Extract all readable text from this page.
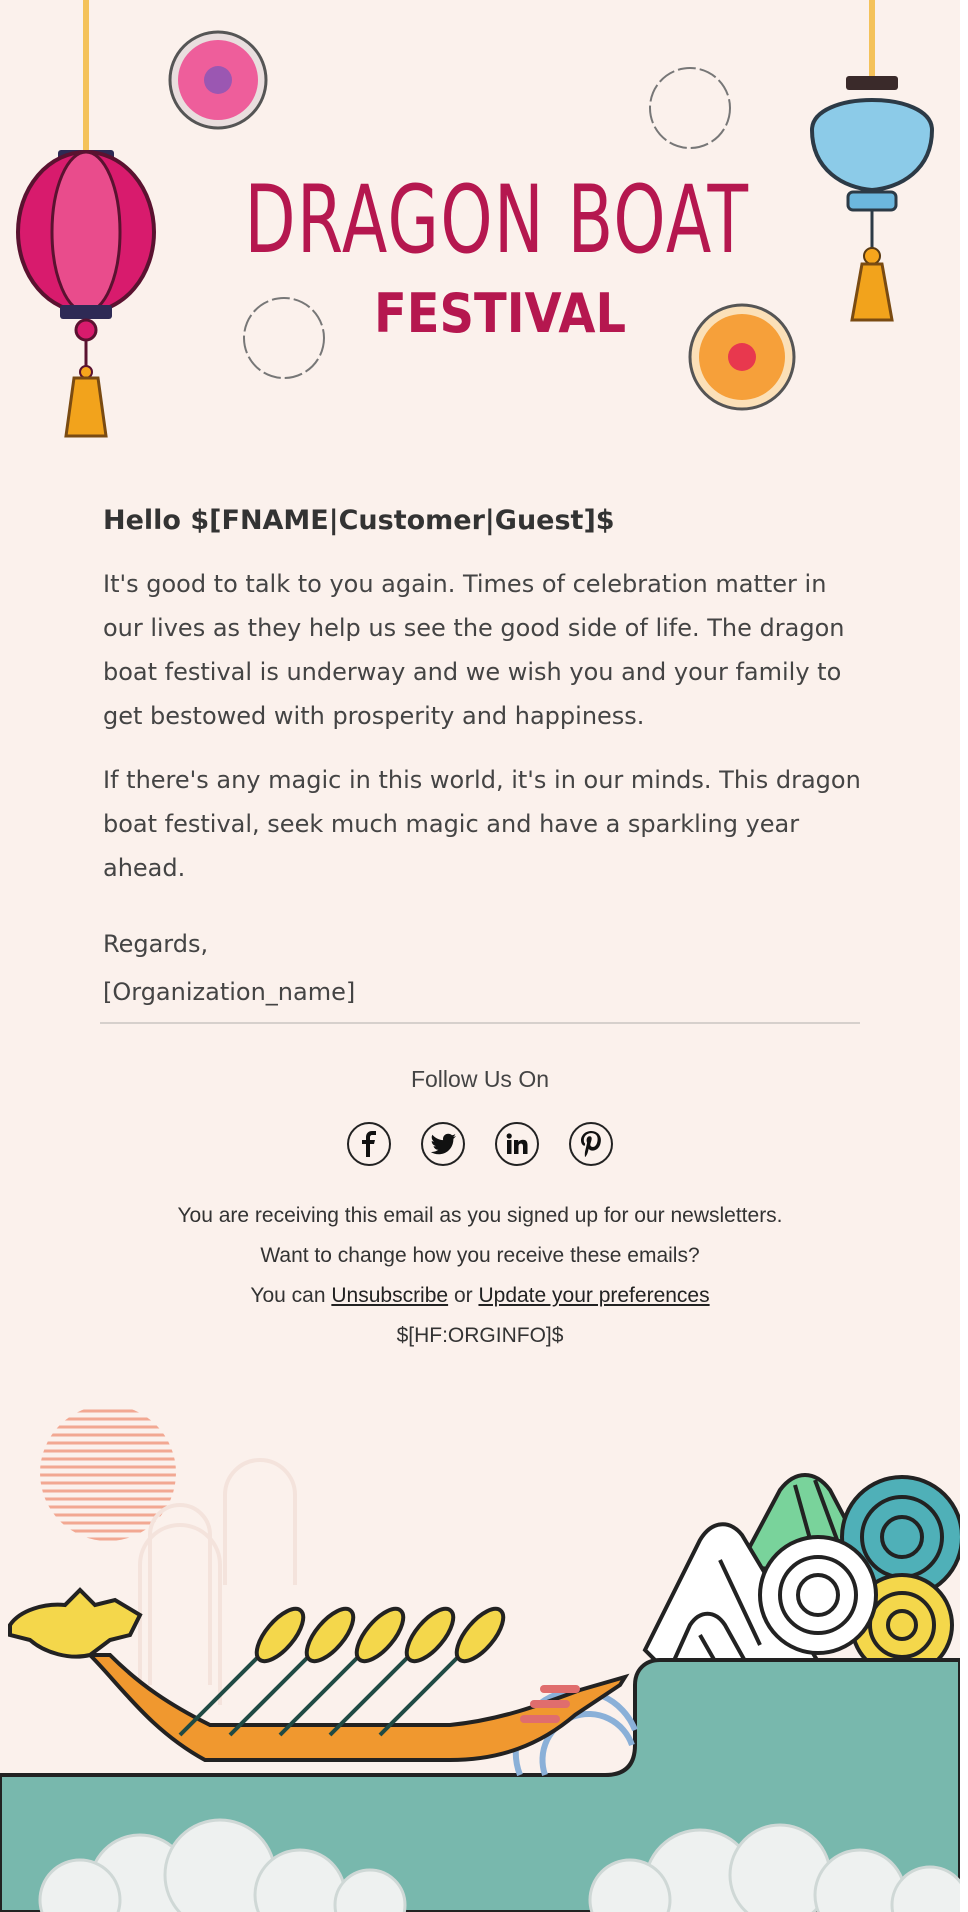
DRAGON BOAT
FESTIVAL

Hello $[FNAME|Customer|Guest]$

It's good to talk to you again. Times of celebration matter in our lives as they help us see the good side of life. The dragon boat festival is underway and we wish you and your family to get bestowed with prosperity and happiness.

If there's any magic in this world, it's in our minds. This dragon boat festival, seek much magic and have a sparkling year ahead.

Regards,
[Organization_name]
Follow Us On
You are receiving this email as you signed up for our newsletters.
Want to change how you receive these emails?
You can Unsubscribe or Update your preferences
$[HF:ORGINFO]$
